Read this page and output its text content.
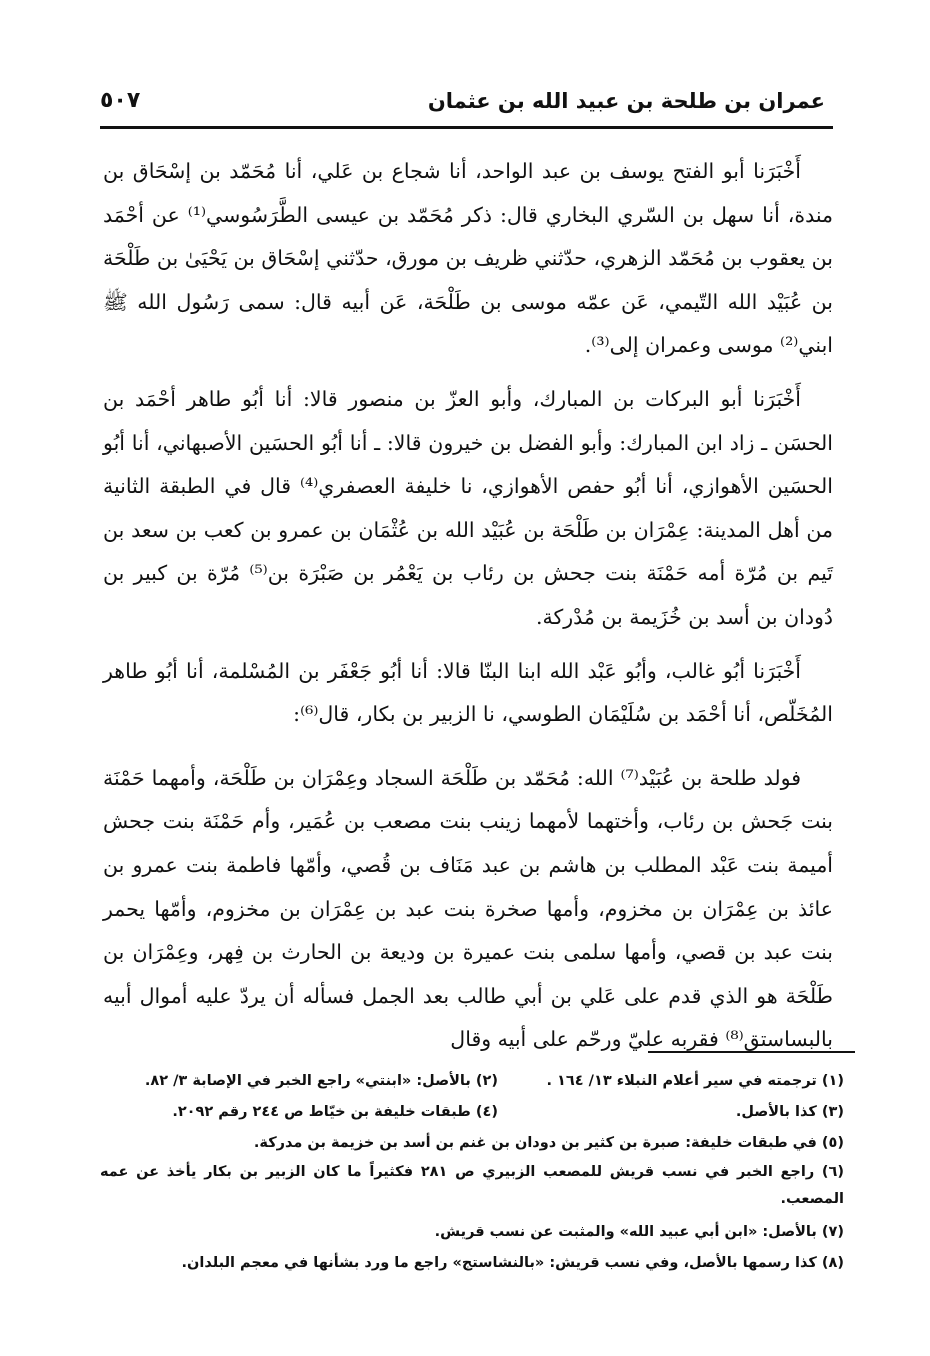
عمران بن طلحة بن عبيد الله بن عثمان
٥٠٧

أَخْبَرَنا أبو الفتح يوسف بن عبد الواحد، أنا شجاع بن عَلي، أنا مُحَمّد بن إسْحَاق بن مندة، أنا سهل بن السّري البخاري قال: ذكر مُحَمّد بن عيسى الطَّرَسُوسي⁽¹⁾ عن أحْمَد بن يعقوب بن مُحَمّد الزهري، حدّثني ظريف بن مورق، حدّثني إسْحَاق بن يَحْيَىٰ بن طَلْحَة بن عُبَيْد الله التّيمي، عَن عمّه موسى بن طَلْحَة، عَن أبيه قال: سمى رَسُول الله ﷺ ابني⁽²⁾ موسى وعمران إلى⁽³⁾.

أَخْبَرَنا أبو البركات بن المبارك، وأبو العزّ بن منصور قالا: أنا أبُو طاهر أحْمَد بن الحسَن ـ زاد ابن المبارك: وأبو الفضل بن خيرون قالا: ـ أنا أبُو الحسَين الأصبهاني، أنا أبُو الحسَين الأهوازي، أنا أبُو حفص الأهوازي، نا خليفة العصفري⁽⁴⁾ قال في الطبقة الثانية من أهل المدينة: عِمْرَان بن طَلْحَة بن عُبَيْد الله بن عُثْمَان بن عمرو بن كعب بن سعد بن تَيم بن مُرّة أمه حَمْنَة بنت جحش بن رئاب بن يَعْمُر بن صَبْرَة بن⁽⁵⁾ مُرّة بن كبير بن دُودان بن أسد بن خُزَيمة بن مُدْركة.

أَخْبَرَنا أبُو غالب، وأبُو عَبْد الله ابنا البنّا قالا: أنا أبُو جَعْفَر بن المُسْلمة، أنا أبُو طاهر المُخَلّص، أنا أحْمَد بن سُلَيْمَان الطوسي، نا الزبير بن بكار، قال⁽⁶⁾:

فولد طلحة بن عُبَيْد⁽⁷⁾ الله: مُحَمّد بن طَلْحَة السجاد وعِمْرَان بن طَلْحَة، وأمهما حَمْنَة بنت جَحش بن رئاب، وأختهما لأمهما زينب بنت مصعب بن عُمَير، وأم حَمْنَة بنت جحش أميمة بنت عَبْد المطلب بن هاشم بن عبد مَنَاف بن قُصي، وأمّها فاطمة بنت عمرو بن عائذ بن عِمْرَان بن مخزوم، وأمها صخرة بنت عبد بن عِمْرَان بن مخزوم، وأمّها يحمر بنت عبد بن قصي، وأمها سلمى بنت عميرة بن وديعة بن الحارث بن فِهر، وعِمْرَان بن طَلْحَة هو الذي قدم على عَلي بن أبي طالب بعد الجمل فسأله أن يردّ عليه أموال أبيه بالبساستق⁽⁸⁾ فقربه عليّ ورحّم على أبيه وقال

(١) ترجمته في سير أعلام النبلاء ١٣/ ١٦٤ .
(٢) بالأصل: «ابنتي» راجع الخبر في الإصابة ٣/ ٨٢.
(٣) كذا بالأصل.
(٤) طبقات خليفة بن خيّاط ص ٢٤٤ رقم ٢٠٩٢.
(٥) في طبقات خليفة: صبرة بن كثير بن دودان بن غنم بن أسد بن خزيمة بن مدركة.
(٦) راجع الخبر في نسب قريش للمصعب الزبيري ص ٢٨١ فكثيراً ما كان الزبير بن بكار يأخذ عن عمه المصعب.
(٧) بالأصل: «ابن أبي عبيد الله» والمثبت عن نسب قريش.
(٨) كذا رسمها بالأصل، وفي نسب قريش: «بالنشاستج» راجع ما ورد بشأنها في معجم البلدان.
